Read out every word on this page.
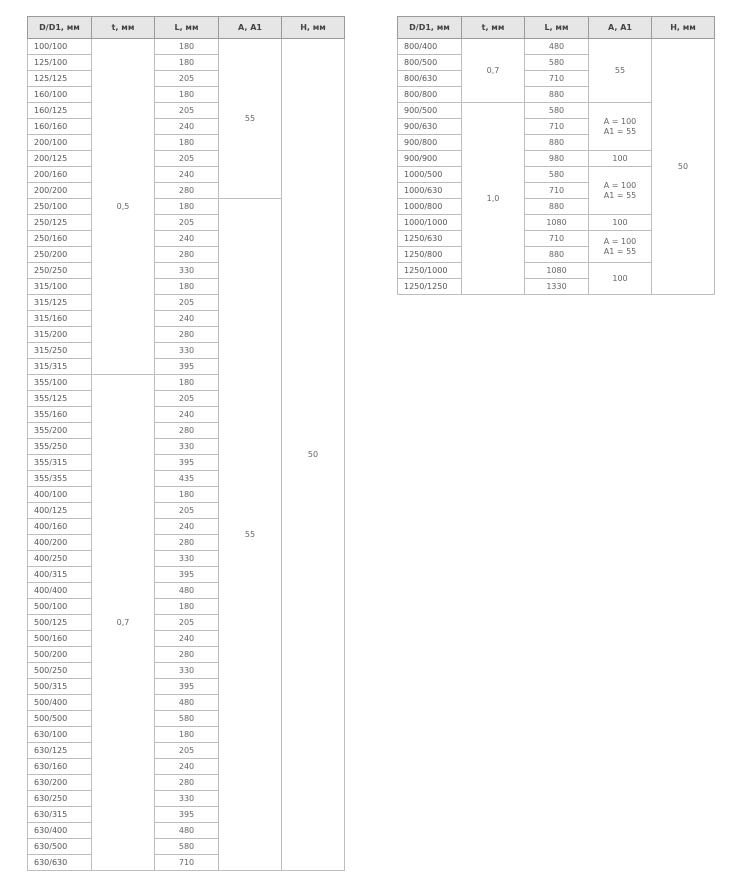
D/D1, мм	t, мм	L, мм	A, A1	H, мм
100/100	0,5	180	55	50
125/100		180		
125/125		205		
160/100		180		
160/125		205		
160/160		240		
200/100		180		
200/125		205		
200/160		240		
200/200		280		
250/100		180	55	
250/125		205		
250/160		240		
250/200		280		
250/250		330		
315/100		180		
315/125		205		
315/160		240		
315/200		280		
315/250		330		
315/315		395		
355/100	0,7	180		
355/125		205		
355/160		240		
355/200		280		
355/250		330		
355/315		395		
355/355		435		
400/100		180		
400/125		205		
400/160		240		
400/200		280		
400/250		330		
400/315		395		
400/400		480		
500/100		180		
500/125		205		
500/160		240		
500/200		280		
500/250		330		
500/315		395		
500/400		480		
500/500		580		
630/100		180		
630/125		205		
630/160		240		
630/200		280		
630/250		330		
630/315		395		
630/400		480		
630/500		580		
630/630		710		
D/D1, мм	t, мм	L, мм	A, A1	H, мм
800/400	0,7	480	55	50
800/500		580		
800/630		710		
800/800		880		
900/500	1,0	580	A = 100
A1 = 55	
900/630		710		
900/800		880		
900/900		980	100	
1000/500		580	A = 100
A1 = 55	
1000/630		710		
1000/800		880		
1000/1000		1080	100	
1250/630		710	A = 100
A1 = 55	
1250/800		880		
1250/1000		1080	100	
1250/1250		1330		
